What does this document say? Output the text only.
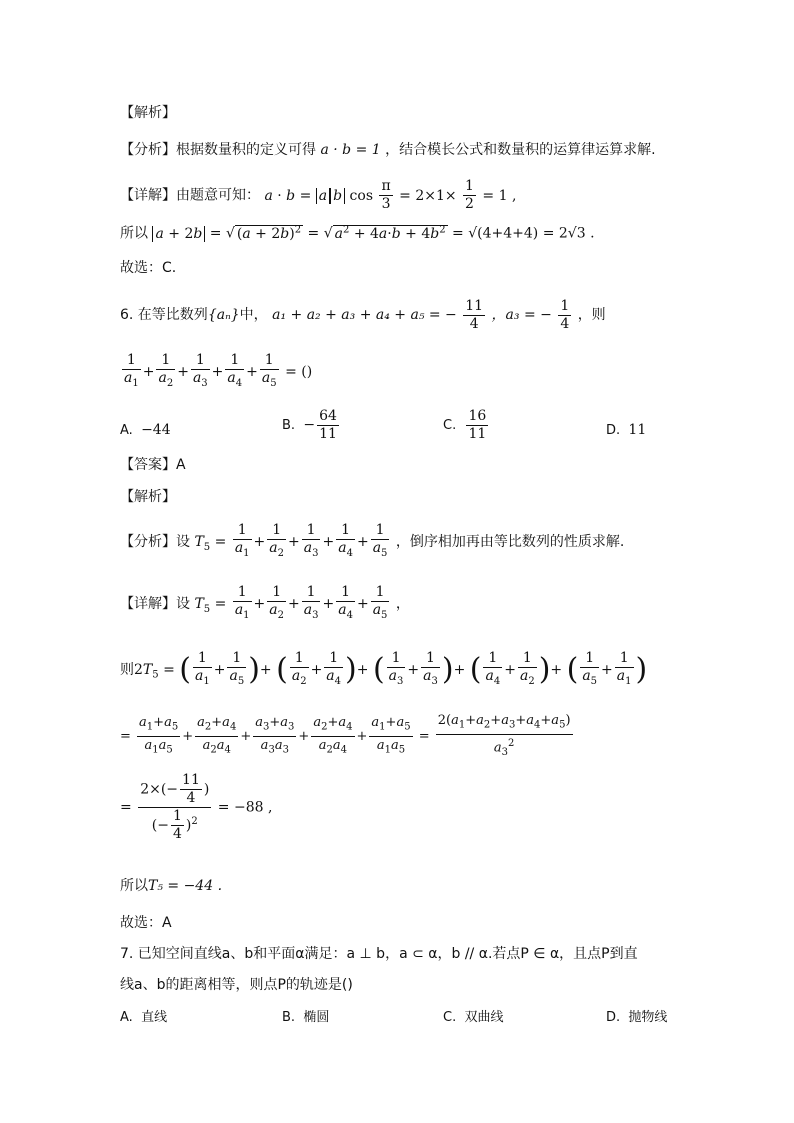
【解析】
【分析】根据数量积的定义可得 a · b = 1 ，结合模长公式和数量积的运算律运算求解.
【详解】由题意可知： a · b = a b $\cos \frac{\pi}{3} = 2\times 1\times \frac{1}{2} = 1$ ,
所以 a + 2b = √ $(a + 2b)^2$ = √ $a^2 + 4a\cdot b + 4b^2 = √(4+4+4) = 2√3$ .
故选：C.
6. 在等比数列{aₙ}中， a₁ + a₂ + a₃ + a₄ + a₅ = − $\frac{11}{4}$ ，a₃ = − $\frac{1}{4}$ ，则
$\frac{1}{a_1} + \frac{1}{a_2} + \frac{1}{a_3} + \frac{1}{a_4} + \frac{1}{a_5}$ = ()
A. −44	B. − $\frac{64}{11}$	C. $\frac{16}{11}$	D. 11
【答案】A
【解析】
【分析】设 $T_5 = \frac{1}{a_1} + \frac{1}{a_2} + \frac{1}{a_3} + \frac{1}{a_4} + \frac{1}{a_5}$ ，倒序相加再由等比数列的性质求解.
【详解】设 $T_5 = \frac{1}{a_1} + \frac{1}{a_2} + \frac{1}{a_3} + \frac{1}{a_4} + \frac{1}{a_5}$ ，
则$2T_5$ = ( $\frac{1}{a_1} + \frac{1}{a_5}$ )+ ( $\frac{1}{a_2} + \frac{1}{a_4}$ )+ ( $\frac{1}{a_3} + \frac{1}{a_3}$ )+ ( $\frac{1}{a_4} + \frac{1}{a_2}$ )+ ( $\frac{1}{a_5} + \frac{1}{a_1}$ )
= $\frac{a_1+a_5}{a_1a_5} + \frac{a_2+a_4}{a_2a_4} + \frac{a_3+a_3}{a_3a_3} + \frac{a_2+a_4}{a_2a_4} + \frac{a_1+a_5}{a_1a_5} = \frac{2(a_1+a_2+a_3+a_4+a_5)}{a_3^2}$
= $\frac{2\times(- \frac{11}{4} )}{(- \frac{1}{4} )^2} = -88$ ,
所以T₅ = −44 .
故选：A
7. 已知空间直线a、b和平面α满足：a ⊥ b，a ⊂ α，b // α.若点P ∈ α，且点P到直
线a、b的距离相等，则点P的轨迹是()
A. 直线	B. 椭圆	C. 双曲线	D. 抛物线
